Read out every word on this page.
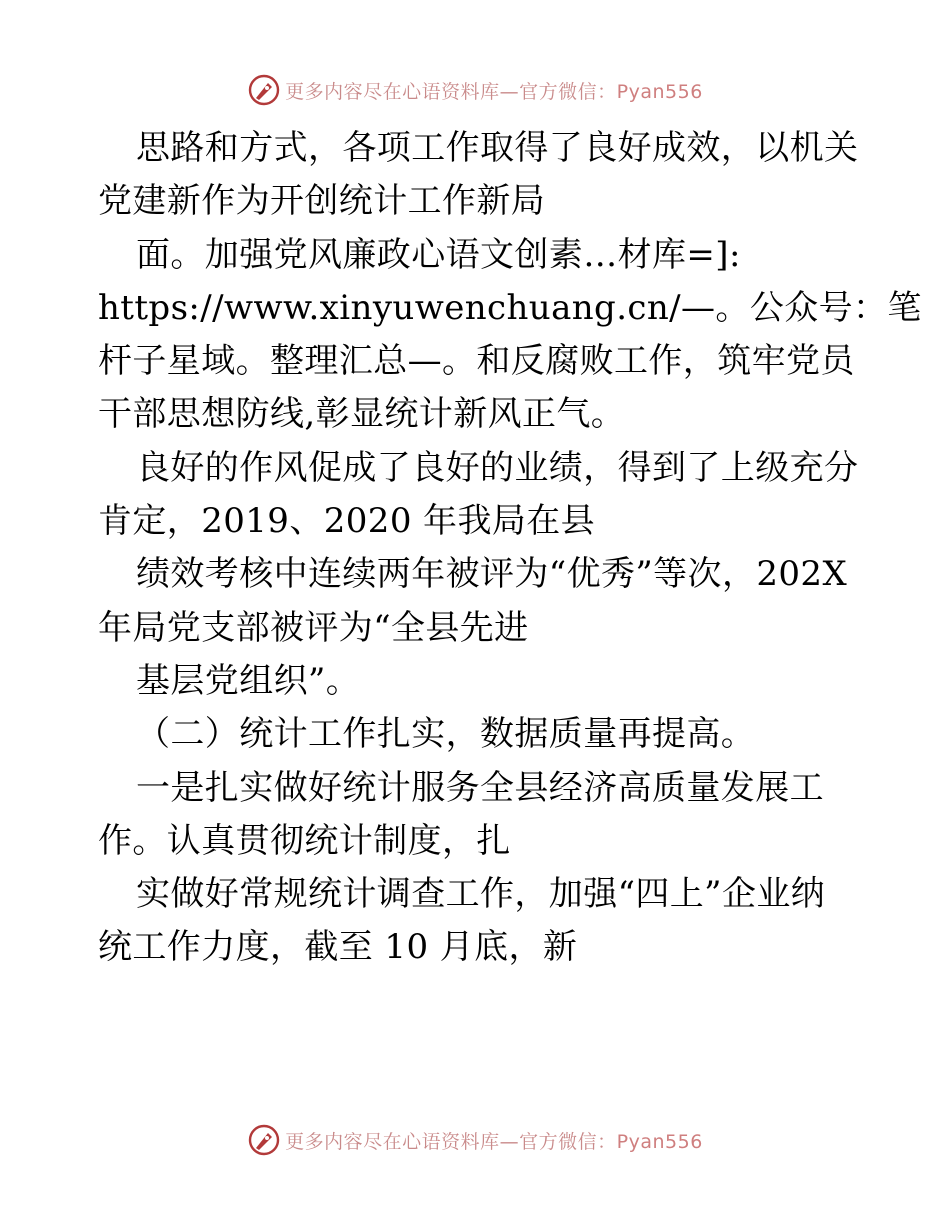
更多内容尽在心语资料库—官方微信：Pyan556
思路和方式，各项工作取得了良好成效，以机关
党建新作为开创统计工作新局
面。加强党风廉政心语文创素…材库=]:
https://www.xinyuwenchuang.cn/—。公众号：笔
杆子星域。整理汇总—。和反腐败工作，筑牢党员
干部思想防线,彰显统计新风正气。
良好的作风促成了良好的业绩，得到了上级充分
肯定，2019、2020 年我局在县
绩效考核中连续两年被评为“优秀”等次，202X
年局党支部被评为“全县先进
基层党组织”。
（二）统计工作扎实，数据质量再提高。
一是扎实做好统计服务全县经济高质量发展工
作。认真贯彻统计制度，扎
实做好常规统计调查工作，加强“四上”企业纳
统工作力度，截至 10 月底，新
更多内容尽在心语资料库—官方微信：Pyan556
